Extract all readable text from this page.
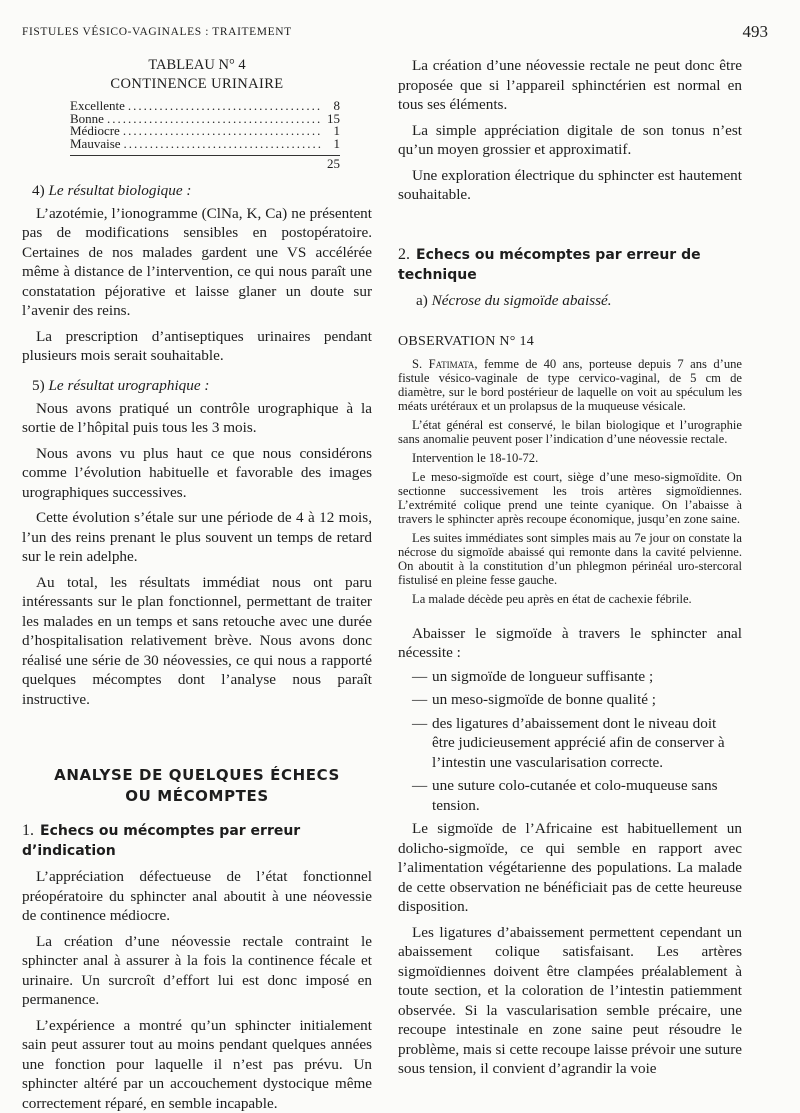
FISTULES VÉSICO-VAGINALES : TRAITEMENT	493
TABLEAU N° 4
CONTINENCE URINAIRE
Excellente .....	8
Bonne .....	15
Médiocre .....	1
Mauvaise .....	1
25
4) Le résultat biologique :

L’azotémie, l’ionogramme (ClNa, K, Ca) ne présentent pas de modifications sensibles en postopératoire. Certaines de nos malades gardent une VS accélérée même à distance de l’intervention, ce qui nous paraît une constatation péjorative et laisse glaner un doute sur l’avenir des reins.

La prescription d’antiseptiques urinaires pendant plusieurs mois serait souhaitable.

5) Le résultat urographique :

Nous avons pratiqué un contrôle urographique à la sortie de l’hôpital puis tous les 3 mois.

Nous avons vu plus haut ce que nous considérons comme l’évolution habituelle et favorable des images urographiques successives.

Cette évolution s’étale sur une période de 4 à 12 mois, l’un des reins prenant le plus souvent un temps de retard sur le rein adelphe.

Au total, les résultats immédiat nous ont paru intéressants sur le plan fonctionnel, permettant de traiter les malades en un temps et sans retouche avec une durée d’hospitalisation relativement brève. Nous avons donc réalisé une série de 30 néovessies, ce qui nous a rapporté quelques mécomptes dont l’analyse nous paraît instructive.

ANALYSE DE QUELQUES ÉCHECS
OU MÉCOMPTES
1. Echecs ou mécomptes par erreur d’indication

L’appréciation défectueuse de l’état fonctionnel préopératoire du sphincter anal aboutit à une néovessie de continence médiocre.

La création d’une néovessie rectale contraint le sphincter anal à assurer à la fois la continence fécale et urinaire. Un surcroît d’effort lui est donc imposé en permanence.

L’expérience a montré qu’un sphincter initialement sain peut assurer tout au moins pendant quelques années une fonction pour laquelle il n’est pas prévu. Un sphincter altéré par un accouchement dystocique même correctement réparé, en semble incapable.

La création d’une néovessie rectale ne peut donc être proposée que si l’appareil sphinctérien est normal en tous ses éléments.

La simple appréciation digitale de son tonus n’est qu’un moyen grossier et approximatif.

Une exploration électrique du sphincter est hautement souhaitable.

2. Echecs ou mécomptes par erreur de technique
a) Nécrose du sigmoïde abaissé.
OBSERVATION N° 14
S. Fatimata, femme de 40 ans, porteuse depuis 7 ans d’une fistule vésico-vaginale de type cervico-vaginal, de 5 cm de diamètre, sur le bord postérieur de laquelle on voit au spéculum les méats urétéraux et un prolapsus de la muqueuse vésicale.
L’état général est conservé, le bilan biologique et l’urographie sans anomalie peuvent poser l’indication d’une néovessie rectale.
Intervention le 18-10-72.
Le meso-sigmoïde est court, siège d’une meso-sigmoïdite. On sectionne successivement les trois artères sigmoïdiennes. L’extrémité colique prend une teinte cyanique. On l’abaisse à travers le sphincter après recoupe économique, jusqu’en zone saine.
Les suites immédiates sont simples mais au 7e jour on constate la nécrose du sigmoïde abaissé qui remonte dans la cavité pelvienne. On aboutit à la constitution d’un phlegmon périnéal uro-stercoral fistulisé en pleine fesse gauche.
La malade décède peu après en état de cachexie fébrile.

Abaisser le sigmoïde à travers le sphincter anal nécessite :

— un sigmoïde de longueur suffisante ;
— un meso-sigmoïde de bonne qualité ;
— des ligatures d’abaissement dont le niveau doit être judicieusement apprécié afin de conserver à l’intestin une vascularisation correcte.
— une suture colo-cutanée et colo-muqueuse sans tension.

Le sigmoïde de l’Africaine est habituellement un dolicho-sigmoïde, ce qui semble en rapport avec l’alimentation végétarienne des populations. La malade de cette observation ne bénéficiait pas de cette heureuse disposition.

Les ligatures d’abaissement permettent cependant un abaissement colique satisfaisant. Les artères sigmoïdiennes doivent être clampées préalablement à toute section, et la coloration de l’intestin patiemment observée. Si la vascularisation semble précaire, une recoupe intestinale en zone saine peut résoudre le problème, mais si cette recoupe laisse prévoir une suture sous tension, il convient d’agrandir la voie
